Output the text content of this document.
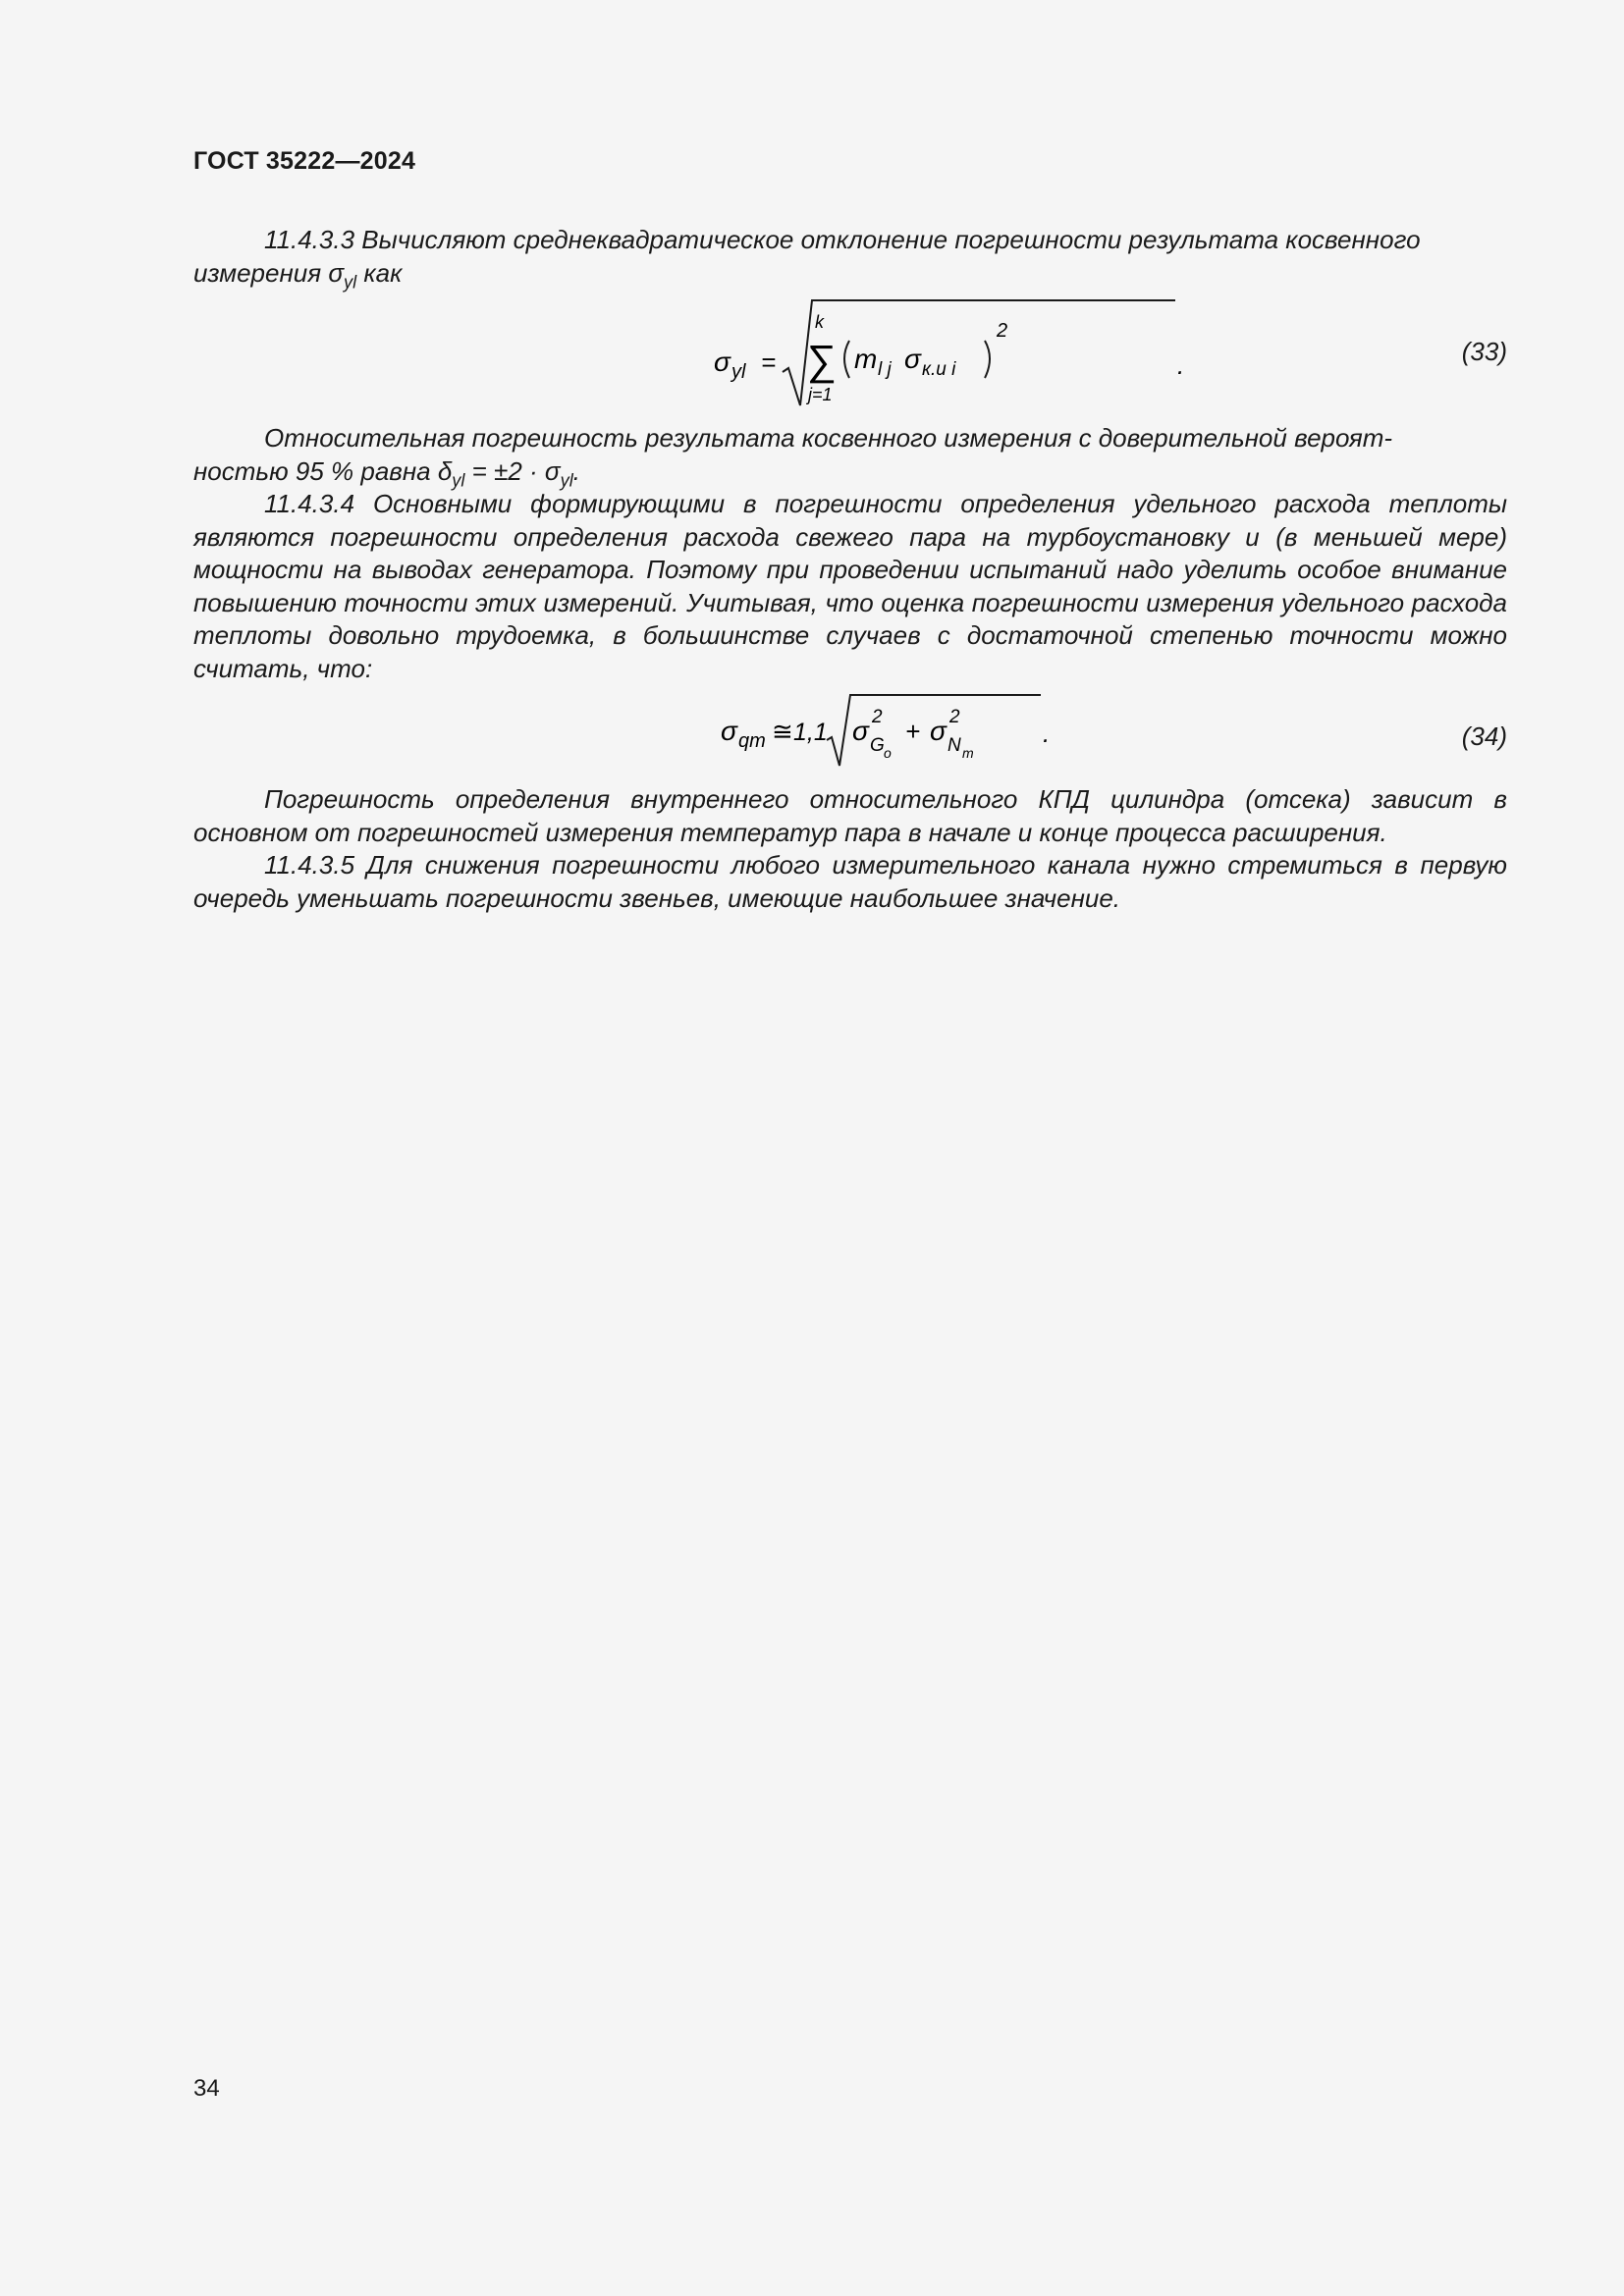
ГОСТ 35222—2024

11.4.3.3 Вычисляют среднеквадратическое отклонение погрешности результата косвенного

измерения $\sigma_{yl}$ как

σ yl =
k
∑
j=1
m l j σ к.и i
2
.	(33)

Относительная погрешность результата косвенного измерения с доверительной вероят-

ностью 95 % равна $\delta_{yl} = \pm 2 \cdot \sigma_{yl}$.

11.4.3.4 Основными формирующими в погрешности определения удельного расхода теплоты являются погрешности определения расхода свежего пара на турбоустановку и (в меньшей мере) мощности на выводах генератора. Поэтому при проведении испытаний надо уделить особое внимание повышению точности этих измерений. Учитывая, что оценка погрешности измерения удельного расхода теплоты довольно трудоемка, в большинстве случаев с достаточной степенью точности можно считать, что:

σ qт ≅ 1,1 σ 2
G o
+ σ 2
N т
.	(34)

Погрешность определения внутреннего относительного КПД цилиндра (отсека) зависит в основном от погрешностей измерения температур пара в начале и конце процесса расширения.

11.4.3.5 Для снижения погрешности любого измерительного канала нужно стремиться в первую очередь уменьшать погрешности звеньев, имеющие наибольшее значение.

34
